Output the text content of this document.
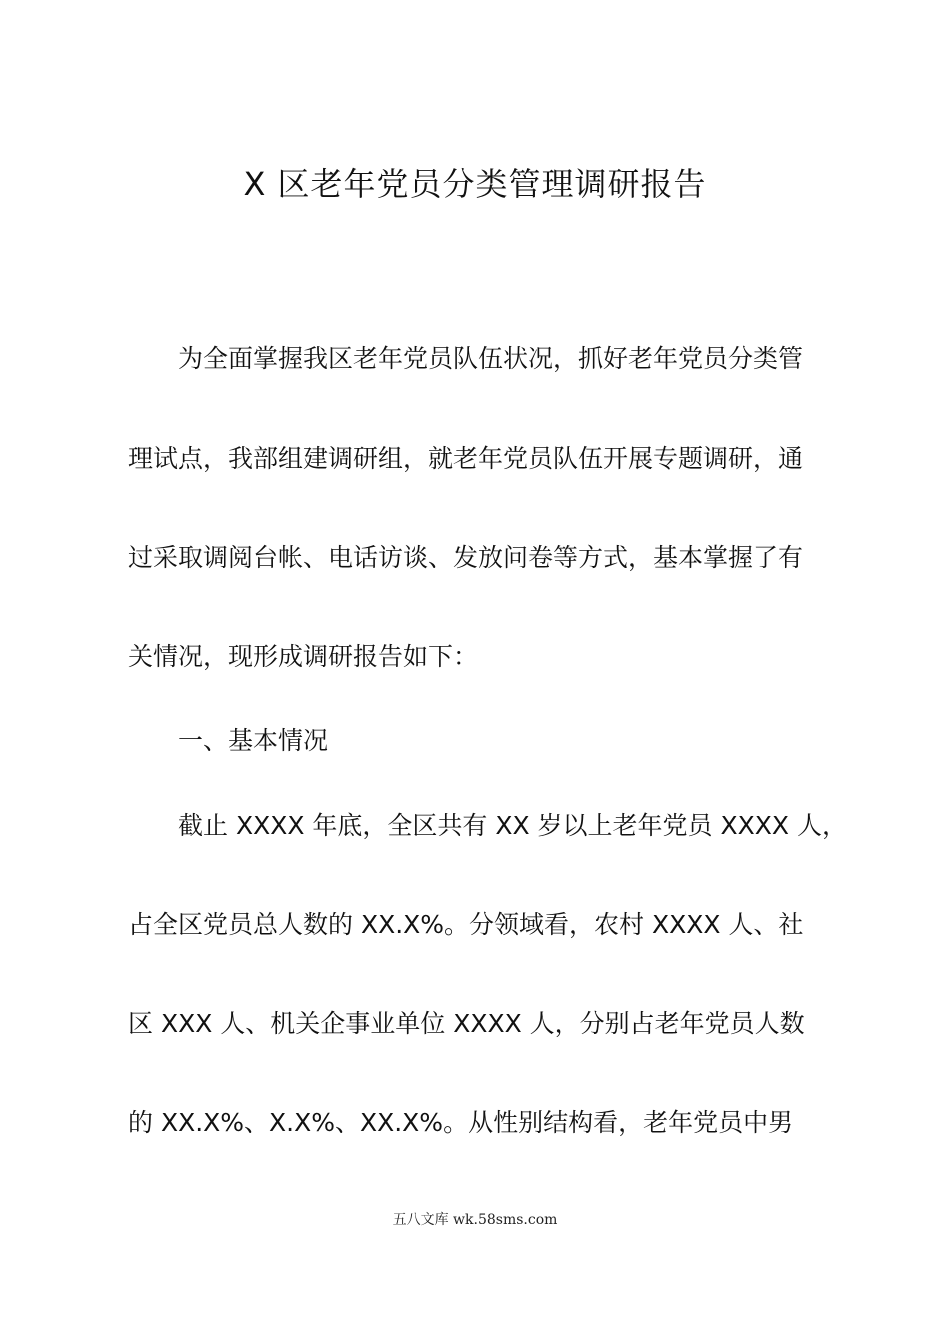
X 区老年党员分类管理调研报告

　　为全面掌握我区老年党员队伍状况，抓好老年党员分类管

理试点，我部组建调研组，就老年党员队伍开展专题调研，通

过采取调阅台帐、电话访谈、发放问卷等方式，基本掌握了有

关情况，现形成调研报告如下：

　　一、基本情况

　　截止 XXXX 年底，全区共有 XX 岁以上老年党员 XXXX 人，

占全区党员总人数的 XX.X%。分领域看，农村 XXXX 人、社

区 XXX 人、机关企事业单位 XXXX 人，分别占老年党员人数

的 XX.X%、X.X%、XX.X%。从性别结构看，老年党员中男

五八文库 wk.58sms.com
